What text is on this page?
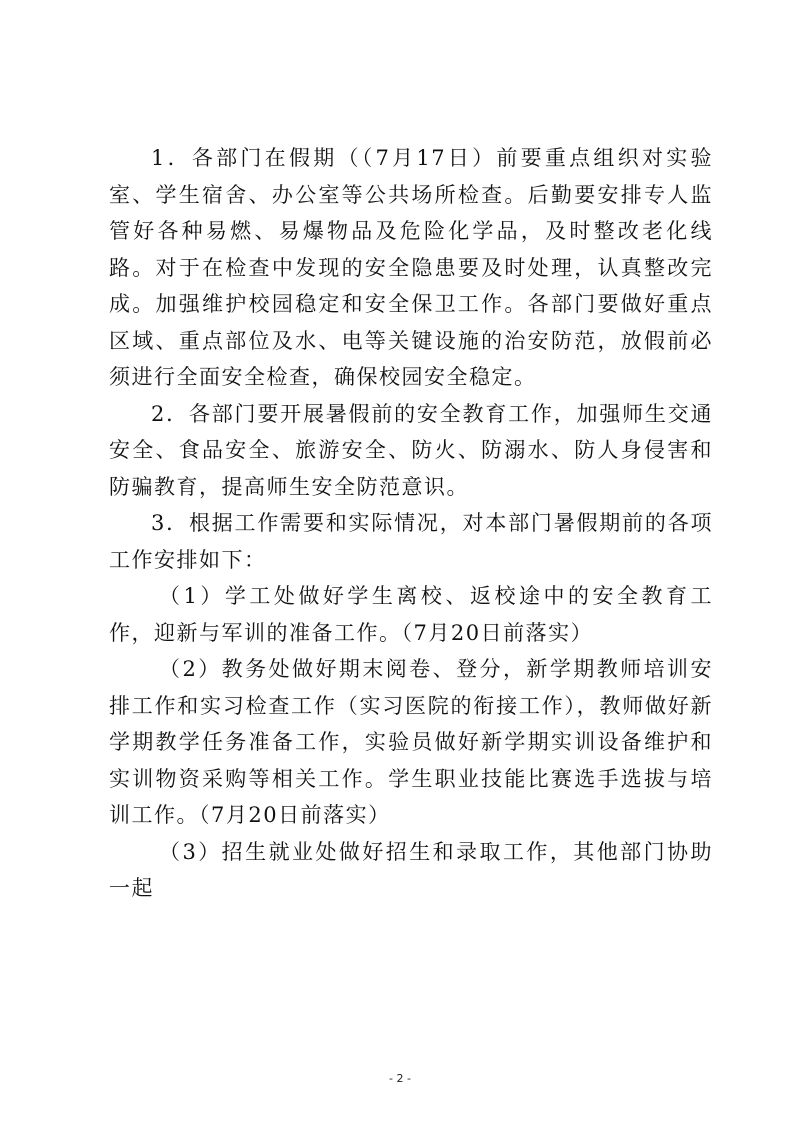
1．各部门在假期（（7月17日）前要重点组织对实验室、学生宿舍、办公室等公共场所检查。后勤要安排专人监管好各种易燃、易爆物品及危险化学品，及时整改老化线路。对于在检查中发现的安全隐患要及时处理，认真整改完成。加强维护校园稳定和安全保卫工作。各部门要做好重点区域、重点部位及水、电等关键设施的治安防范，放假前必须进行全面安全检查，确保校园安全稳定。

2．各部门要开展暑假前的安全教育工作，加强师生交通安全、食品安全、旅游安全、防火、防溺水、防人身侵害和防骗教育，提高师生安全防范意识。

3．根据工作需要和实际情况，对本部门暑假期前的各项工作安排如下：

（1）学工处做好学生离校、返校途中的安全教育工作，迎新与军训的准备工作。（7月20日前落实）

（2）教务处做好期末阅卷、登分，新学期教师培训安排工作和实习检查工作（实习医院的衔接工作），教师做好新学期教学任务准备工作，实验员做好新学期实训设备维护和实训物资采购等相关工作。学生职业技能比赛选手选拔与培训工作。（7月20日前落实）

（3）招生就业处做好招生和录取工作，其他部门协助一起

- 2 -
